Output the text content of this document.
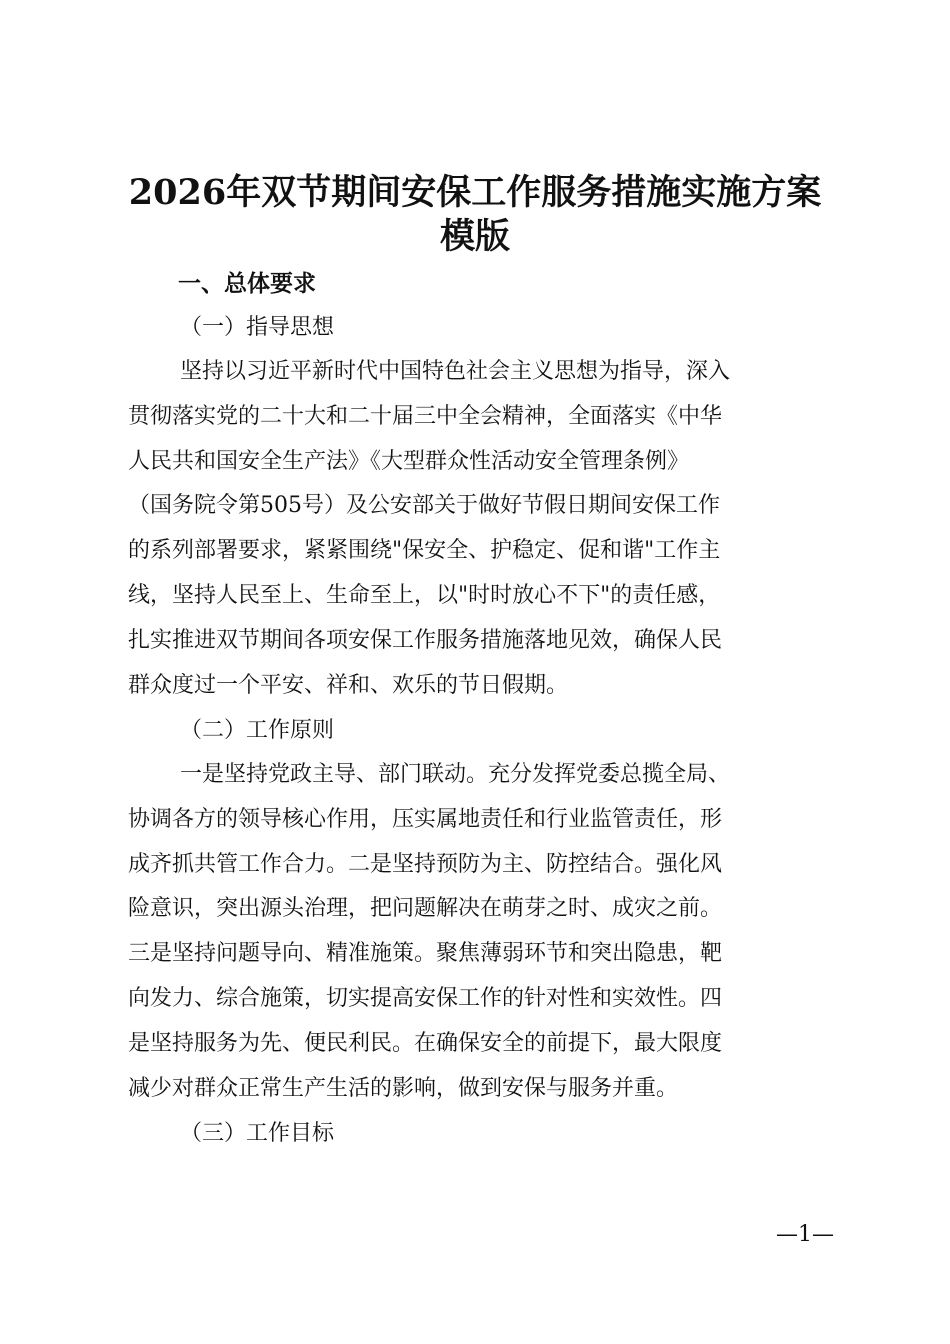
2026年双节期间安保工作服务措施实施方案
模版
一、总体要求
（一）指导思想
坚持以习近平新时代中国特色社会主义思想为指导，深入
贯彻落实党的二十大和二十届三中全会精神，全面落实《中华
人民共和国安全生产法》《大型群众性活动安全管理条例》
（国务院令第505号）及公安部关于做好节假日期间安保工作
的系列部署要求，紧紧围绕"保安全、护稳定、促和谐"工作主
线，坚持人民至上、生命至上，以"时时放心不下"的责任感，
扎实推进双节期间各项安保工作服务措施落地见效，确保人民
群众度过一个平安、祥和、欢乐的节日假期。
（二）工作原则
一是坚持党政主导、部门联动。充分发挥党委总揽全局、
协调各方的领导核心作用，压实属地责任和行业监管责任，形
成齐抓共管工作合力。二是坚持预防为主、防控结合。强化风
险意识，突出源头治理，把问题解决在萌芽之时、成灾之前。
三是坚持问题导向、精准施策。聚焦薄弱环节和突出隐患，靶
向发力、综合施策，切实提高安保工作的针对性和实效性。四
是坚持服务为先、便民利民。在确保安全的前提下，最大限度
减少对群众正常生产生活的影响，做到安保与服务并重。
（三）工作目标
—1—
